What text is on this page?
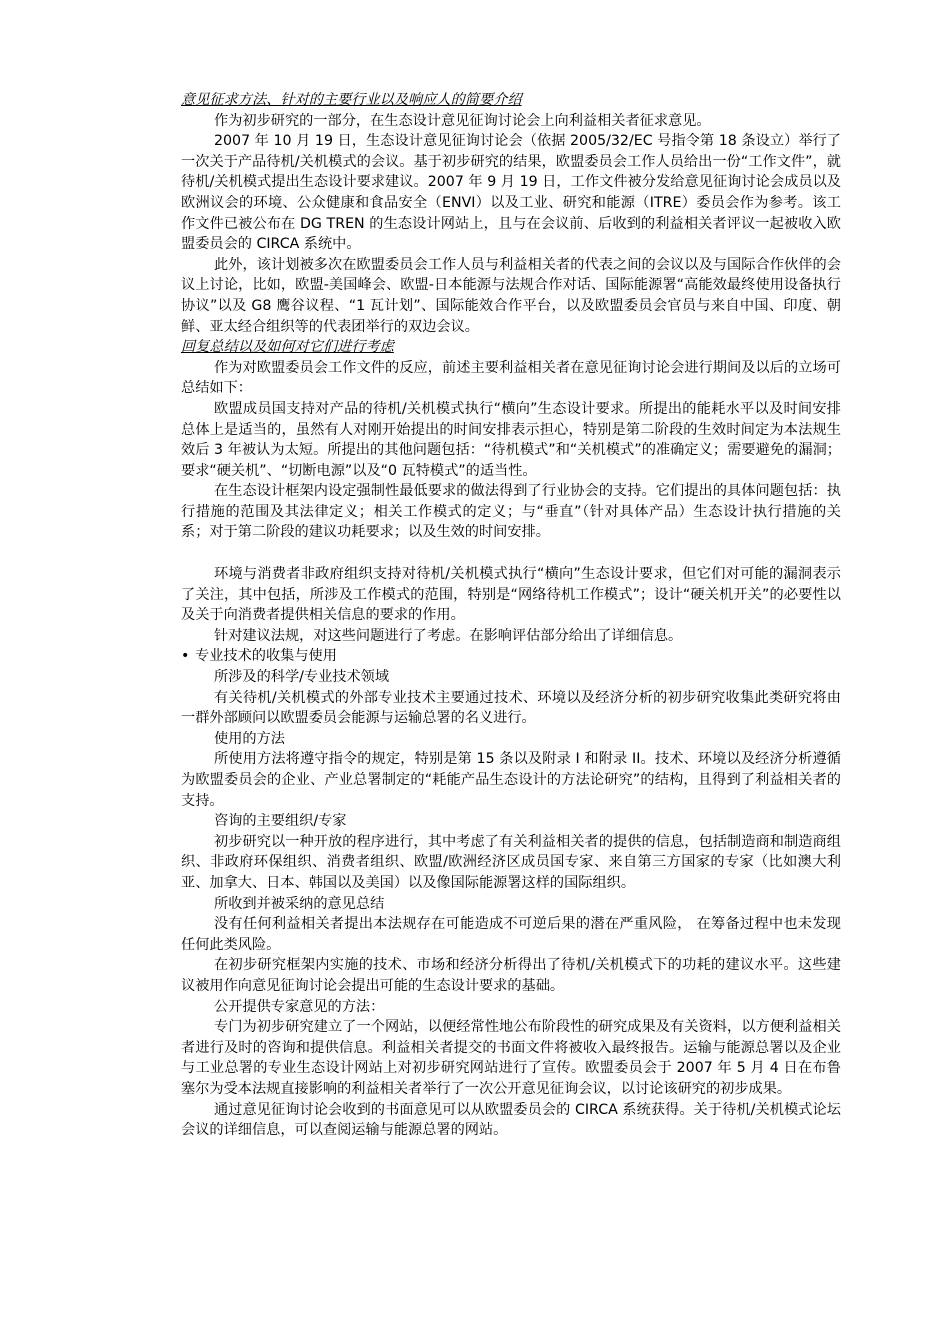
意见征求方法、针对的主要行业以及响应人的简要介绍

作为初步研究的一部分，在生态设计意见征询讨论会上向利益相关者征求意见。

2007 年 10 月 19 日，生态设计意见征询讨论会（依据 2005/32/EC 号指令第 18 条设立）举行了一次关于产品待机/关机模式的会议。基于初步研究的结果，欧盟委员会工作人员给出一份“工作文件”，就待机/关机模式提出生态设计要求建议。2007 年 9 月 19 日，工作文件被分发给意见征询讨论会成员以及欧洲议会的环境、公众健康和食品安全（ENVI）以及工业、研究和能源（ITRE）委员会作为参考。该工作文件已被公布在 DG TREN 的生态设计网站上，且与在会议前、后收到的利益相关者评议一起被收入欧盟委员会的 CIRCA 系统中。

此外，该计划被多次在欧盟委员会工作人员与利益相关者的代表之间的会议以及与国际合作伙伴的会议上讨论，比如，欧盟-美国峰会、欧盟-日本能源与法规合作对话、国际能源署“高能效最终使用设备执行协议”以及 G8 鹰谷议程、“1 瓦计划”、国际能效合作平台，以及欧盟委员会官员与来自中国、印度、朝鲜、亚太经合组织等的代表团举行的双边会议。

回复总结以及如何对它们进行考虑

作为对欧盟委员会工作文件的反应，前述主要利益相关者在意见征询讨论会进行期间及以后的立场可总结如下：

欧盟成员国支持对产品的待机/关机模式执行“横向”生态设计要求。所提出的能耗水平以及时间安排总体上是适当的，虽然有人对刚开始提出的时间安排表示担心，特别是第二阶段的生效时间定为本法规生效后 3 年被认为太短。所提出的其他问题包括：“待机模式”和“关机模式”的准确定义；需要避免的漏洞；要求“硬关机”、“切断电源”以及“0 瓦特模式”的适当性。

在生态设计框架内设定强制性最低要求的做法得到了行业协会的支持。它们提出的具体问题包括：执行措施的范围及其法律定义；相关工作模式的定义；与“垂直”（针对具体产品）生态设计执行措施的关系；对于第二阶段的建议功耗要求；以及生效的时间安排。

环境与消费者非政府组织支持对待机/关机模式执行“横向”生态设计要求，但它们对可能的漏洞表示了关注，其中包括，所涉及工作模式的范围，特别是“网络待机工作模式”；设计“硬关机开关”的必要性以及关于向消费者提供相关信息的要求的作用。

针对建议法规，对这些问题进行了考虑。在影响评估部分给出了详细信息。

• 专业技术的收集与使用

所涉及的科学/专业技术领域

有关待机/关机模式的外部专业技术主要通过技术、环境以及经济分析的初步研究收集此类研究将由一群外部顾问以欧盟委员会能源与运输总署的名义进行。

使用的方法

所使用方法将遵守指令的规定，特别是第 15 条以及附录 I 和附录 II。技术、环境以及经济分析遵循为欧盟委员会的企业、产业总署制定的“耗能产品生态设计的方法论研究”的结构，且得到了利益相关者的支持。

咨询的主要组织/专家

初步研究以一种开放的程序进行，其中考虑了有关利益相关者的提供的信息，包括制造商和制造商组织、非政府环保组织、消费者组织、欧盟/欧洲经济区成员国专家、来自第三方国家的专家（比如澳大利亚、加拿大、日本、韩国以及美国）以及像国际能源署这样的国际组织。

所收到并被采纳的意见总结

没有任何利益相关者提出本法规存在可能造成不可逆后果的潜在严重风险， 在筹备过程中也未发现任何此类风险。

在初步研究框架内实施的技术、市场和经济分析得出了待机/关机模式下的功耗的建议水平。这些建议被用作向意见征询讨论会提出可能的生态设计要求的基础。

公开提供专家意见的方法：

专门为初步研究建立了一个网站，以便经常性地公布阶段性的研究成果及有关资料，以方便利益相关者进行及时的咨询和提供信息。利益相关者提交的书面文件将被收入最终报告。运输与能源总署以及企业与工业总署的专业生态设计网站上对初步研究网站进行了宣传。欧盟委员会于 2007 年 5 月 4 日在布鲁塞尔为受本法规直接影响的利益相关者举行了一次公开意见征询会议，以讨论该研究的初步成果。

通过意见征询讨论会收到的书面意见可以从欧盟委员会的 CIRCA 系统获得。关于待机/关机模式论坛会议的详细信息，可以查阅运输与能源总署的网站。
